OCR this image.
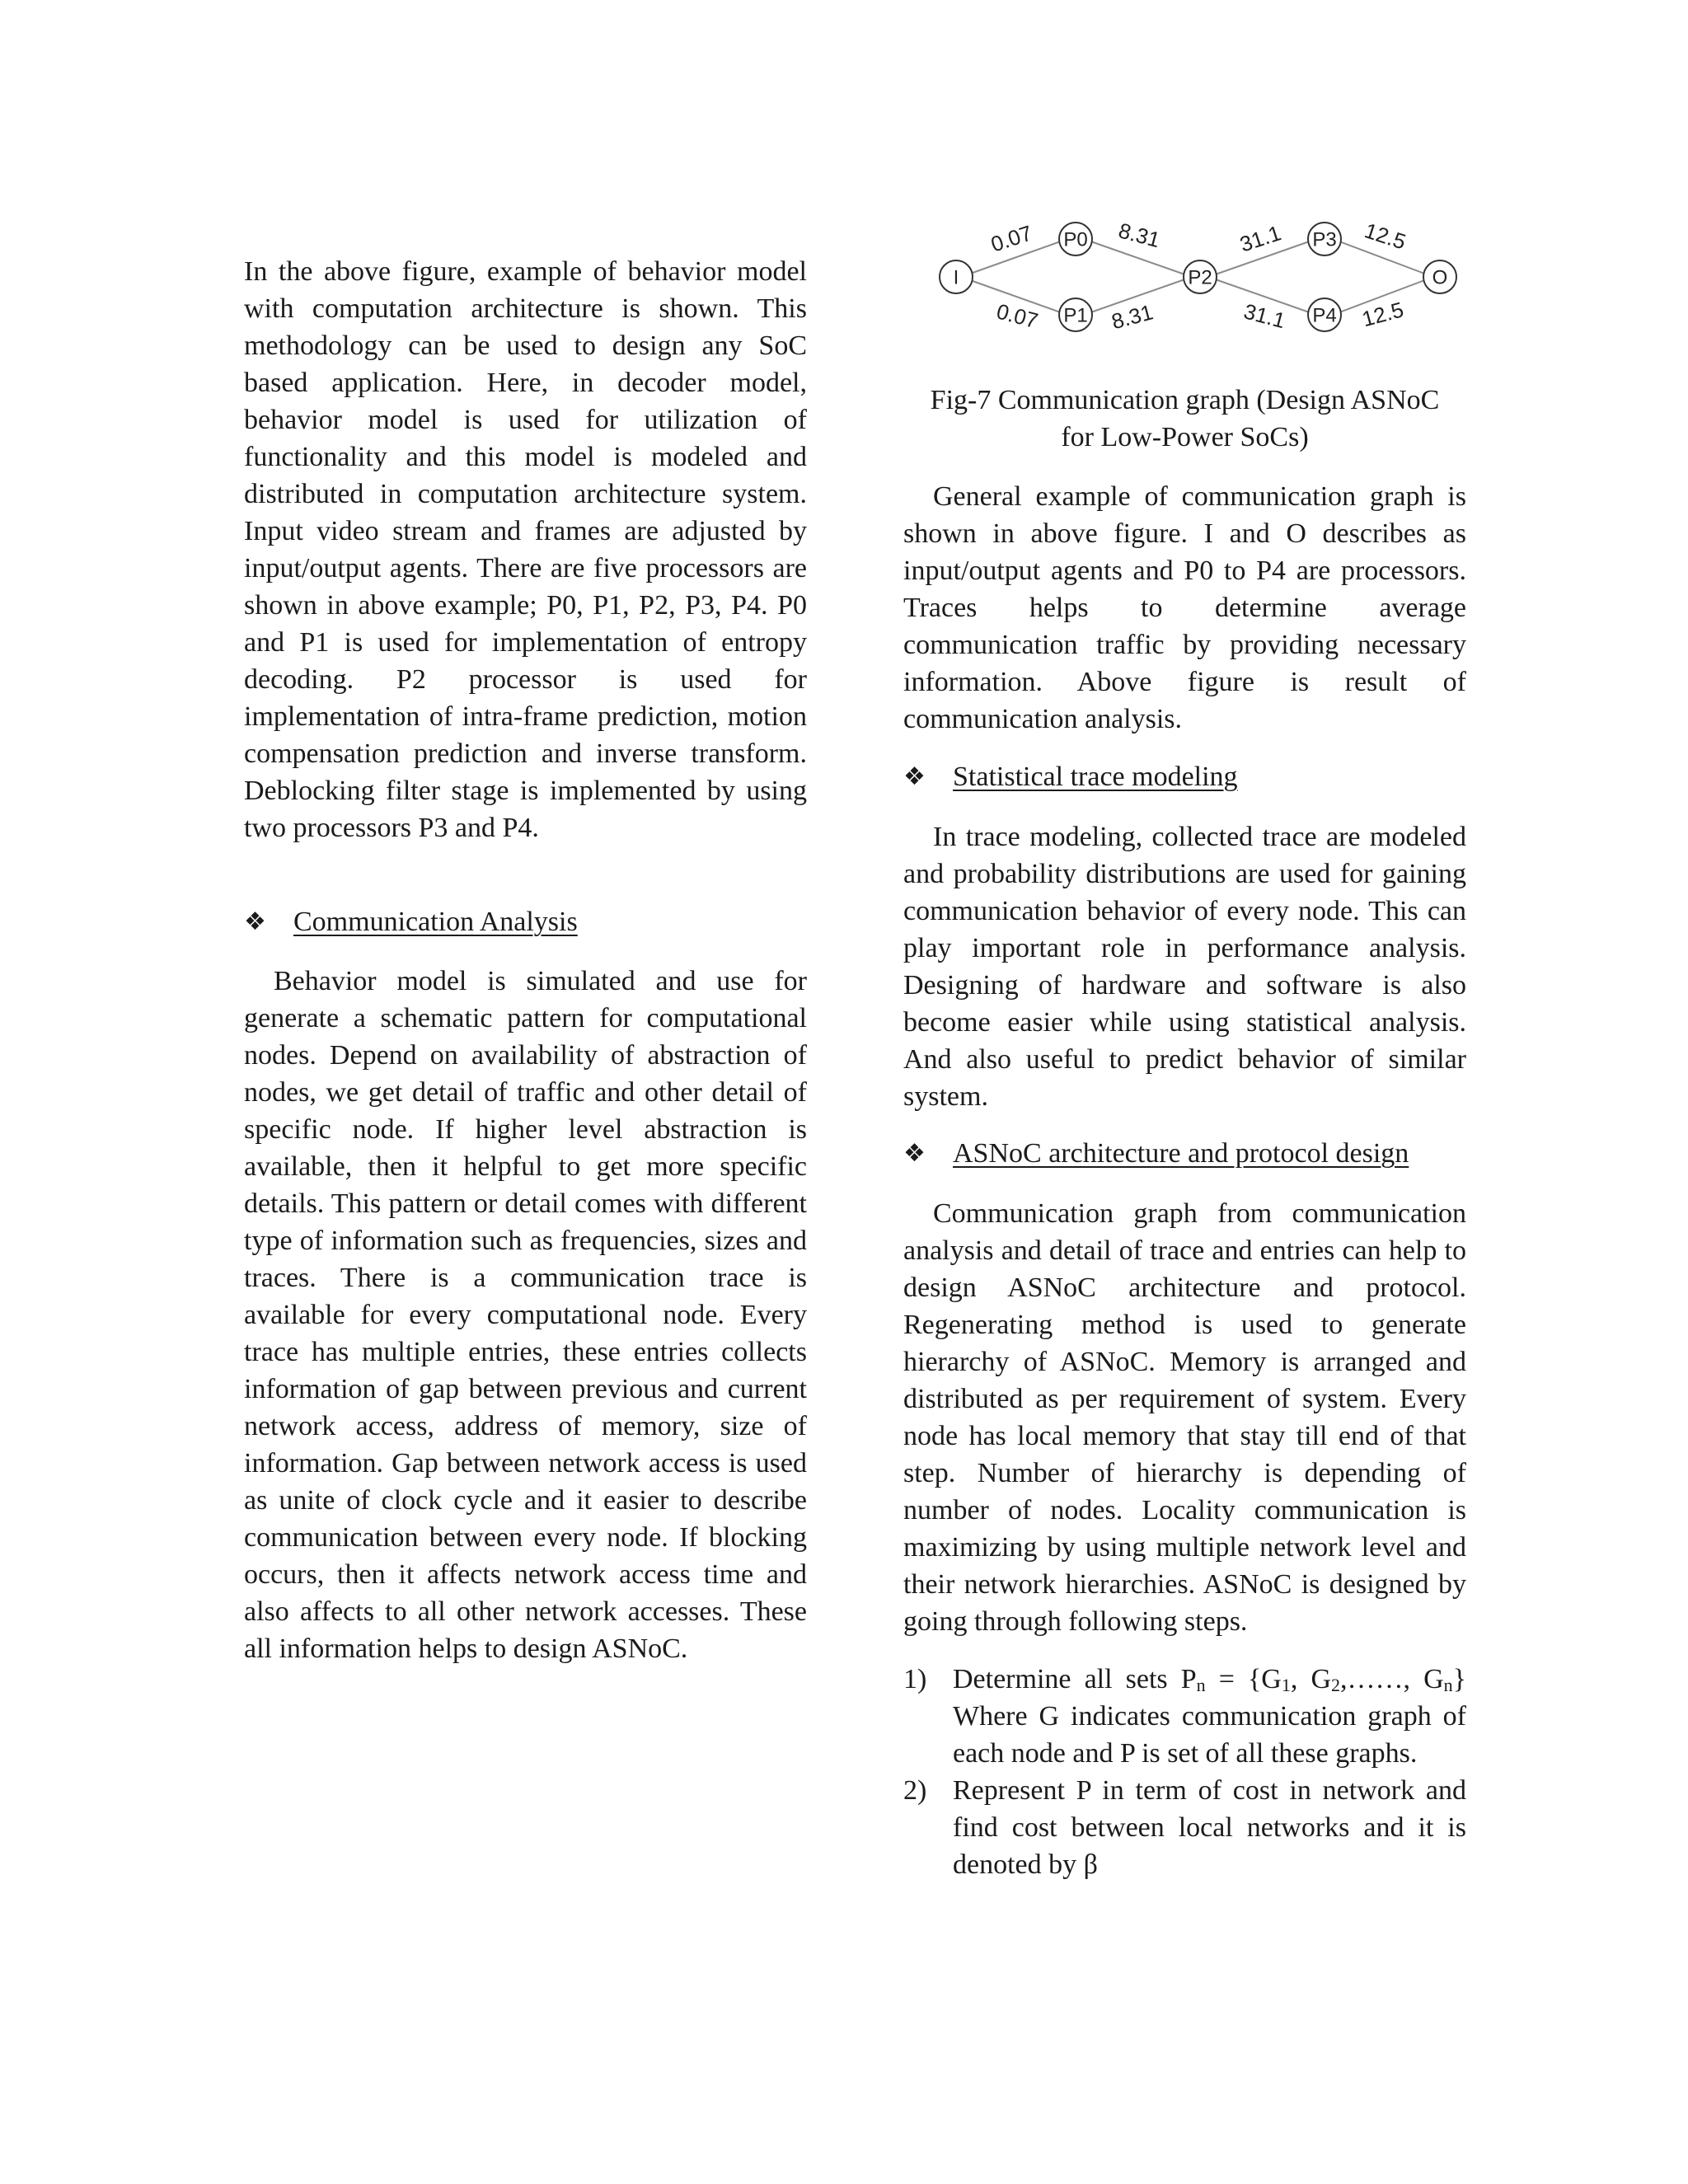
In the above figure, example of behavior model with computation architecture is shown. This methodology can be used to design any SoC based application. Here, in decoder model, behavior model is used for utilization of functionality and this model is modeled and distributed in computation architecture system. Input video stream and frames are adjusted by input/output agents. There are five processors are shown in above example; P0, P1, P2, P3, P4. P0 and P1 is used for implementation of entropy decoding. P2 processor is used for implementation of intra-frame prediction, motion compensation prediction and inverse transform. Deblocking filter stage is implemented by using two processors P3 and P4.

❖ Communication Analysis

Behavior model is simulated and use for generate a schematic pattern for computational nodes. Depend on availability of abstraction of nodes, we get detail of traffic and other detail of specific node. If higher level abstraction is available, then it helpful to get more specific details. This pattern or detail comes with different type of information such as frequencies, sizes and traces. There is a communication trace is available for every computational node. Every trace has multiple entries, these entries collects information of gap between previous and current network access, address of memory, size of information. Gap between network access is used as unite of clock cycle and it easier to describe communication between every node. If blocking occurs, then it affects network access time and also affects to all other network accesses. These all information helps to design ASNoC.

I
P0
P1
P2
P3
P4
O
0.07
0.07
8.31
8.31
31.1
31.1
12.5
12.5

Fig-7 Communication graph (Design ASNoC
for Low-Power SoCs)

General example of communication graph is shown in above figure. I and O describes as input/output agents and P0 to P4 are processors. Traces helps to determine average communication traffic by providing necessary information. Above figure is result of communication analysis.

❖ Statistical trace modeling

In trace modeling, collected trace are modeled and probability distributions are used for gaining communication behavior of every node. This can play important role in performance analysis. Designing of hardware and software is also become easier while using statistical analysis. And also useful to predict behavior of similar system.

❖ ASNoC architecture and protocol design

Communication graph from communication analysis and detail of trace and entries can help to design ASNoC architecture and protocol. Regenerating method is used to generate hierarchy of ASNoC. Memory is arranged and distributed as per requirement of system. Every node has local memory that stay till end of that step. Number of hierarchy is depending of number of nodes. Locality communication is maximizing by using multiple network level and their network hierarchies. ASNoC is designed by going through following steps.

1) Determine all sets $P_n = \{G_1$, $G_2,\dots\dots$, $G_n$} Where G indicates communication graph of each node and P is set of all these graphs.
2) Represent P in term of cost in network and find cost between local networks and it is denoted by β
